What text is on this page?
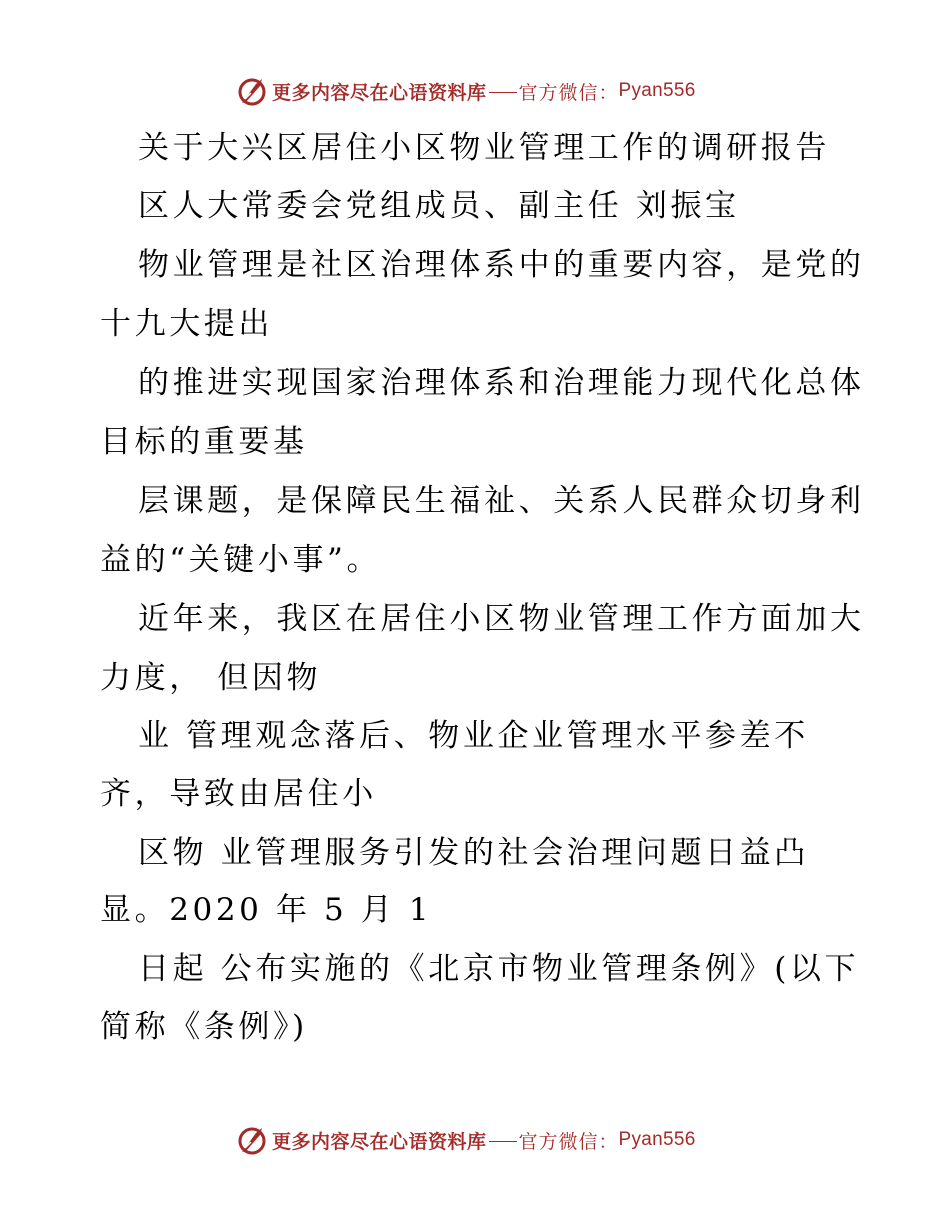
更多内容尽在心语资料库 官方微信： Pyan556
关于大兴区居住小区物业管理工作的调研报告
区人大常委会党组成员、副主任 刘振宝
物业管理是社区治理体系中的重要内容，是党的
十九大提出
的推进实现国家治理体系和治理能力现代化总体
目标的重要基
层课题，是保障民生福祉、关系人民群众切身利
益的“关键小事”。
近年来，我区在居住小区物业管理工作方面加大
力度， 但因物
业 管理观念落后、物业企业管理水平参差不
齐，导致由居住小
区物 业管理服务引发的社会治理问题日益凸
显。2020 年 5 月 1
日起 公布实施的《北京市物业管理条例》(以下
简称《条例》)
更多内容尽在心语资料库 官方微信： Pyan556
